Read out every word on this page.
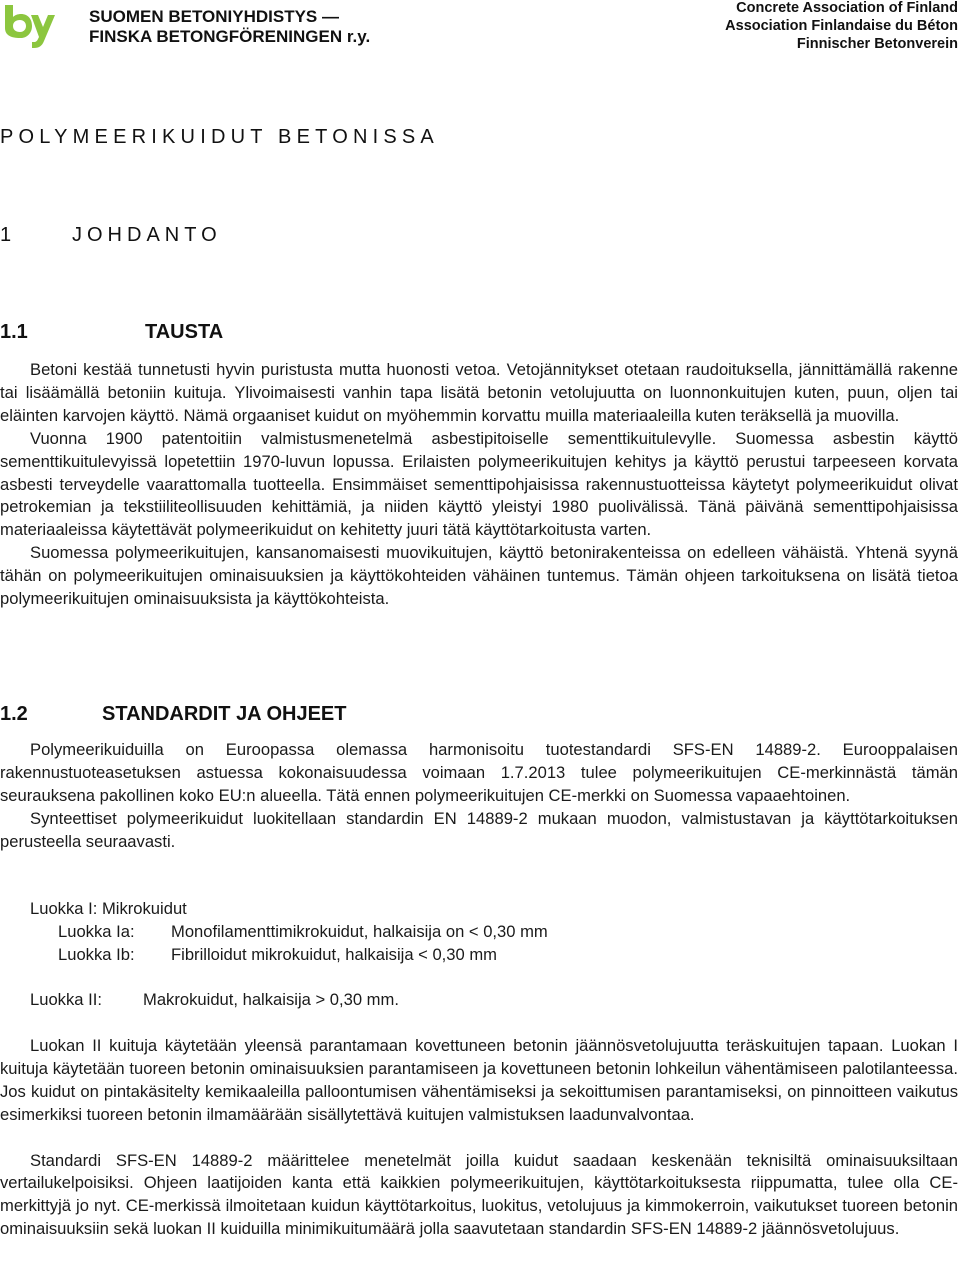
SUOMEN BETONIYHDISTYS —
FINSKA BETONGFÖRENINGEN r.y.
Concrete Association of Finland
Association Finlandaise du Béton
Finnischer Betonverein
POLYMEERIKUIDUT BETONISSA
1	JOHDANTO
1.1	TAUSTA

Betoni kestää tunnetusti hyvin puristusta mutta huonosti vetoa. Vetojännitykset otetaan raudoituksella, jännittämällä rakenne tai lisäämällä betoniin kuituja. Ylivoimaisesti vanhin tapa lisätä betonin vetolujuutta on luonnonkuitujen kuten, puun, oljen tai eläinten karvojen käyttö. Nämä orgaaniset kuidut on myöhemmin korvattu muilla materiaaleilla kuten teräksellä ja muovilla.

Vuonna 1900 patentoitiin valmistusmenetelmä asbestipitoiselle sementtikuitulevylle. Suomessa asbestin käyttö sementtikuitulevyissä lopetettiin 1970-luvun lopussa. Erilaisten polymeerikuitujen kehitys ja käyttö perustui tarpeeseen korvata asbesti terveydelle vaarattomalla tuotteella. Ensimmäiset sementtipohjaisissa rakennustuotteissa käytetyt polymeerikuidut olivat petrokemian ja tekstiiliteollisuuden kehittämiä, ja niiden käyttö yleistyi 1980 puolivälissä. Tänä päivänä sementtipohjaisissa materiaaleissa käytettävät polymeerikuidut on kehitetty juuri tätä käyttötarkoitusta varten.

Suomessa polymeerikuitujen, kansanomaisesti muovikuitujen, käyttö betonirakenteissa on edelleen vähäistä. Yhtenä syynä tähän on polymeerikuitujen ominaisuuksien ja käyttökohteiden vähäinen tuntemus. Tämän ohjeen tarkoituksena on lisätä tietoa polymeerikuitujen ominaisuuksista ja käyttökohteista.

1.2	STANDARDIT JA OHJEET

Polymeerikuiduilla on Euroopassa olemassa harmonisoitu tuotestandardi SFS-EN 14889-2. Eurooppalaisen rakennustuoteasetuksen astuessa kokonaisuudessa voimaan 1.7.2013 tulee polymeerikuitujen CE-merkinnästä tämän seurauksena pakollinen koko EU:n alueella. Tätä ennen polymeerikuitujen CE-merkki on Suomessa vapaaehtoinen.

Synteettiset polymeerikuidut luokitellaan standardin EN 14889-2 mukaan muodon, valmistustavan ja käyttötarkoituksen perusteella seuraavasti.

Luokka I: Mikrokuidut
Luokka Ia: Monofilamenttimikrokuidut, halkaisija on < 0,30 mm
Luokka Ib: Fibrilloidut mikrokuidut, halkaisija < 0,30 mm
Luokka II: Makrokuidut, halkaisija > 0,30 mm.

Luokan II kuituja käytetään yleensä parantamaan kovettuneen betonin jäännösvetolujuutta teräskuitujen tapaan. Luokan I kuituja käytetään tuoreen betonin ominaisuuksien parantamiseen ja kovettuneen betonin lohkeilun vähentämiseen palotilanteessa. Jos kuidut on pintakäsitelty kemikaaleilla palloontumisen vähentämiseksi ja sekoittumisen parantamiseksi, on pinnoitteen vaikutus esimerkiksi tuoreen betonin ilmamäärään sisällytettävä kuitujen valmistuksen laadunvalvontaa.

Standardi SFS-EN 14889-2 määrittelee menetelmät joilla kuidut saadaan keskenään teknisiltä ominaisuuksiltaan vertailukelpoisiksi. Ohjeen laatijoiden kanta että kaikkien polymeerikuitujen, käyttötarkoituksesta riippumatta, tulee olla CE-merkittyjä jo nyt. CE-merkissä ilmoitetaan kuidun käyttötarkoitus, luokitus, vetolujuus ja kimmokerroin, vaikutukset tuoreen betonin ominaisuuksiin sekä luokan II kuiduilla minimikuitumäärä jolla saavutetaan standardin SFS-EN 14889-2 jäännösvetolujuus.
